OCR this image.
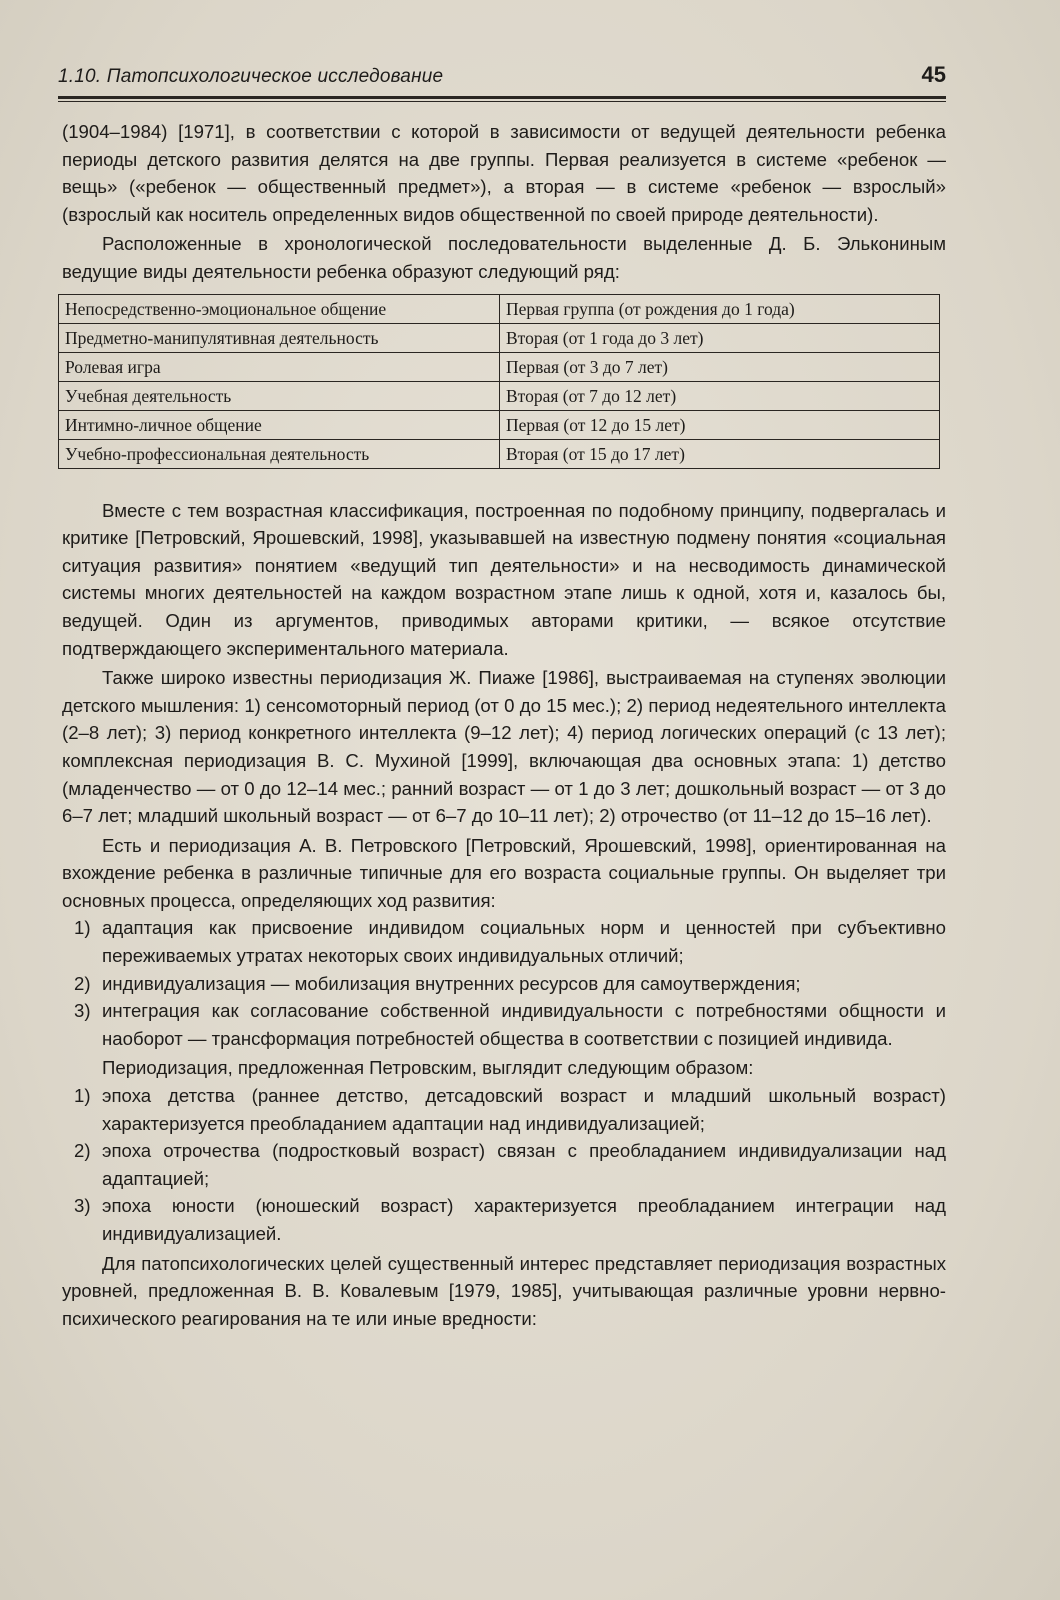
1.10. Патопсихологическое исследование	45

(1904–1984) [1971], в соответствии с которой в зависимости от ведущей деятельности ребенка периоды детского развития делятся на две группы. Первая реализуется в системе «ребенок — вещь» («ребенок — общественный предмет»), а вторая — в системе «ребенок — взрослый» (взрослый как носитель определенных видов общественной по своей природе деятельности).

Расположенные в хронологической последовательности выделенные Д. Б. Элькониным ведущие виды деятельности ребенка образуют следующий ряд:

Непосредственно-эмоциональное общение	Первая группа (от рождения до 1 года)
Предметно-манипулятивная деятельность	Вторая (от 1 года до 3 лет)
Ролевая игра	Первая (от 3 до 7 лет)
Учебная деятельность	Вторая (от 7 до 12 лет)
Интимно-личное общение	Первая (от 12 до 15 лет)
Учебно-профессиональная деятельность	Вторая (от 15 до 17 лет)

Вместе с тем возрастная классификация, построенная по подобному принципу, подвергалась и критике [Петровский, Ярошевский, 1998], указывавшей на известную подмену понятия «социальная ситуация развития» понятием «ведущий тип деятельности» и на несводимость динамической системы многих деятельностей на каждом возрастном этапе лишь к одной, хотя и, казалось бы, ведущей. Один из аргументов, приводимых авторами критики, — всякое отсутствие подтверждающего экспериментального материала.

Также широко известны периодизация Ж. Пиаже [1986], выстраиваемая на ступенях эволюции детского мышления: 1) сенсомоторный период (от 0 до 15 мес.); 2) период недеятельного интеллекта (2–8 лет); 3) период конкретного интеллекта (9–12 лет); 4) период логических операций (с 13 лет); комплексная периодизация В. С. Мухиной [1999], включающая два основных этапа: 1) детство (младенчество — от 0 до 12–14 мес.; ранний возраст — от 1 до 3 лет; дошкольный возраст — от 3 до 6–7 лет; младший школьный возраст — от 6–7 до 10–11 лет); 2) отрочество (от 11–12 до 15–16 лет).

Есть и периодизация А. В. Петровского [Петровский, Ярошевский, 1998], ориентированная на вхождение ребенка в различные типичные для его возраста социальные группы. Он выделяет три основных процесса, определяющих ход развития:

1) адаптация как присвоение индивидом социальных норм и ценностей при субъективно переживаемых утратах некоторых своих индивидуальных отличий;
2) индивидуализация — мобилизация внутренних ресурсов для самоутверждения;
3) интеграция как согласование собственной индивидуальности с потребностями общности и наоборот — трансформация потребностей общества в соответствии с позицией индивида.

Периодизация, предложенная Петровским, выглядит следующим образом:

1) эпоха детства (раннее детство, детсадовский возраст и младший школьный возраст) характеризуется преобладанием адаптации над индивидуализацией;
2) эпоха отрочества (подростковый возраст) связан с преобладанием индивидуализации над адаптацией;
3) эпоха юности (юношеский возраст) характеризуется преобладанием интеграции над индивидуализацией.

Для патопсихологических целей существенный интерес представляет периодизация возрастных уровней, предложенная В. В. Ковалевым [1979, 1985], учитывающая различные уровни нервно-психического реагирования на те или иные вредности:
